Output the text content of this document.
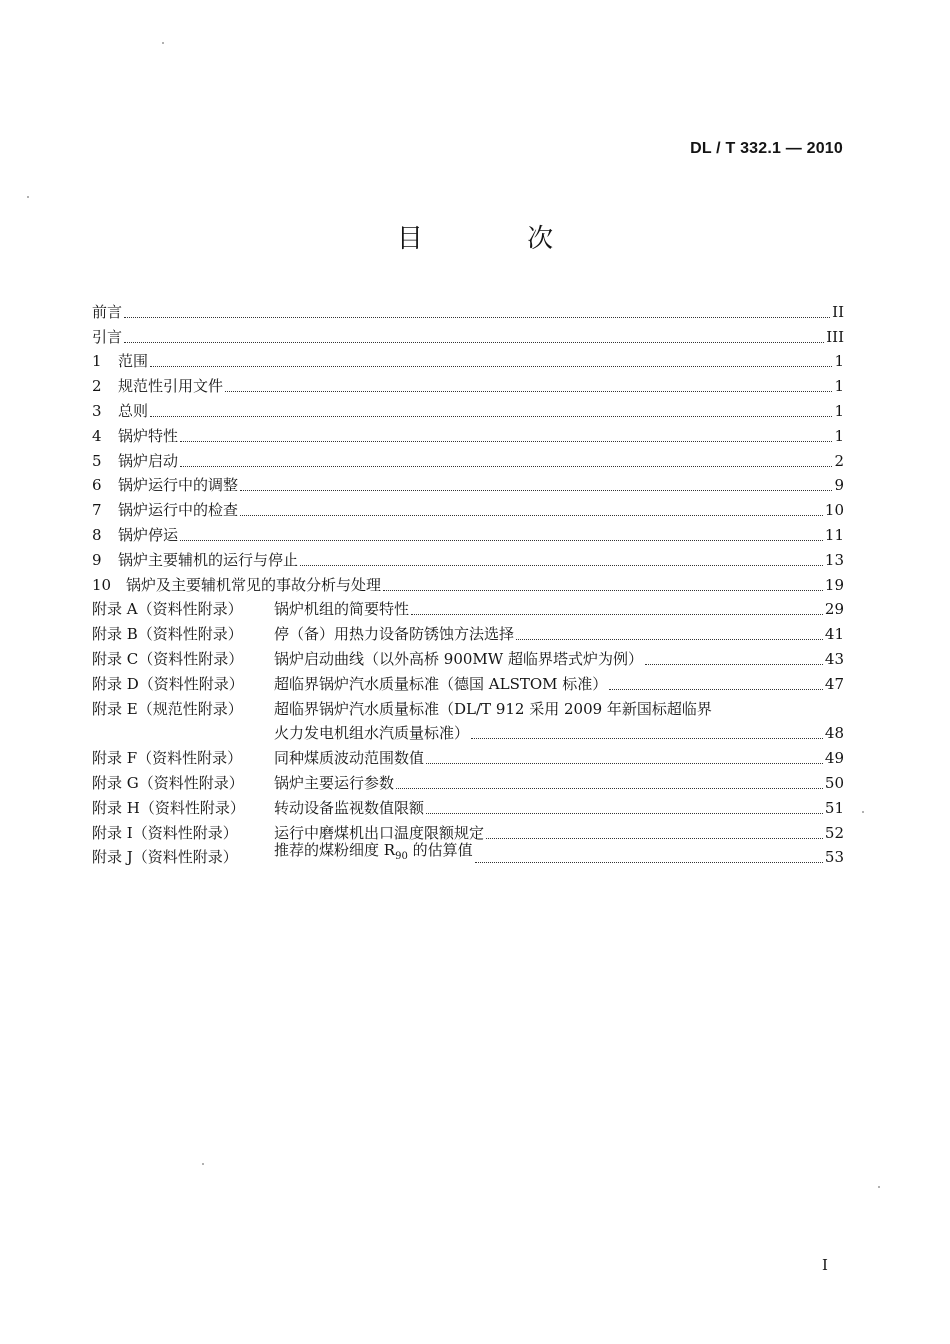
DL / T 332.1 — 2010
目 次
前言	II
引言	III
1	范围	1
2	规范性引用文件	1
3	总则	1
4	锅炉特性	1
5	锅炉启动	2
6	锅炉运行中的调整	9
7	锅炉运行中的检查	10
8	锅炉停运	11
9	锅炉主要辅机的运行与停止	13
10 锅炉及主要辅机常见的事故分析与处理	19
附录 A（资料性附录）	锅炉机组的简要特性	29
附录 B（资料性附录）	停（备）用热力设备防锈蚀方法选择	41
附录 C（资料性附录）	锅炉启动曲线（以外高桥 900MW 超临界塔式炉为例）	43
附录 D（资料性附录）	超临界锅炉汽水质量标准（德国 ALSTOM 标准）	47
附录 E（规范性附录）	超临界锅炉汽水质量标准（DL/T 912 采用 2009 年新国标超临界
火力发电机组水汽质量标准）	48
附录 F（资料性附录）	同种煤质波动范围数值	49
附录 G（资料性附录）	锅炉主要运行参数	50
附录 H（资料性附录）	转动设备监视数值限额	51
附录 I（资料性附录）	运行中磨煤机出口温度限额规定	52
附录 J（资料性附录）	推荐的煤粉细度 $R_{90}$ 的估算值	53
I
